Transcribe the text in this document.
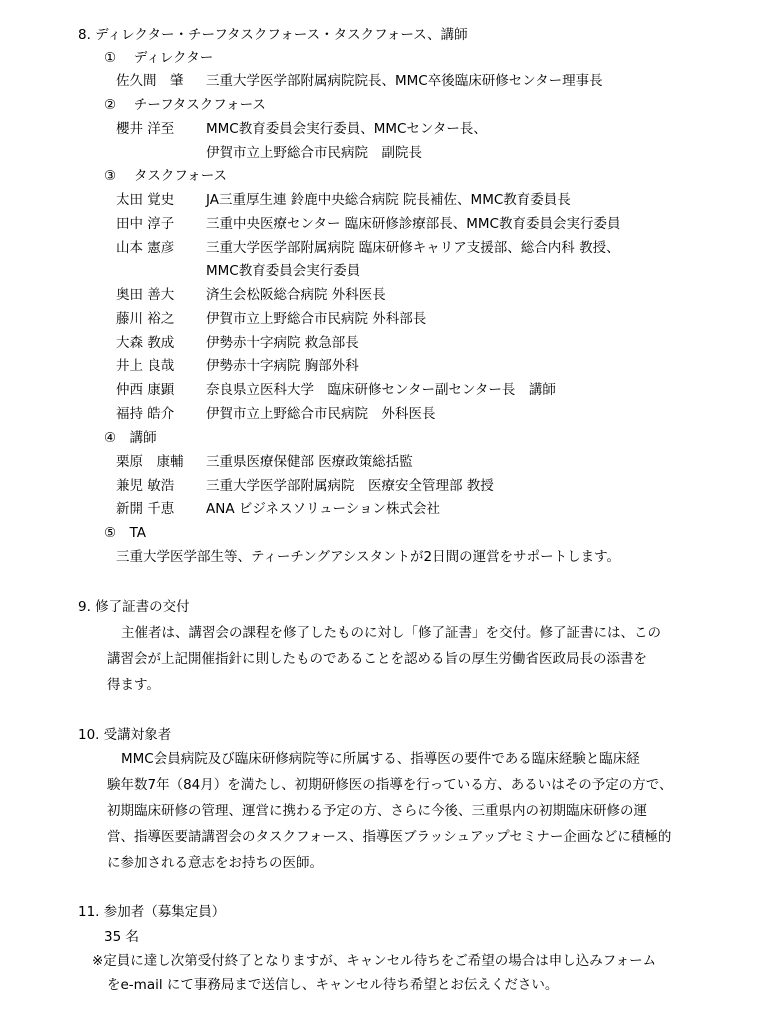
8. ディレクター・チーフタスクフォース・タスクフォース、講師
①　 ディレクター
佐久間　肇 三重大学医学部附属病院院長、MMC卒後臨床研修センター理事長
②　 チーフタスクフォース
櫻井 洋至 MMC教育委員会実行委員、MMCセンター長、
伊賀市立上野総合市民病院　副院長
③　 タスクフォース
太田 覚史 JA三重厚生連 鈴鹿中央総合病院 院長補佐、MMC教育委員長
田中 淳子 三重中央医療センター 臨床研修診療部長、MMC教育委員会実行委員
山本 憲彦 三重大学医学部附属病院 臨床研修キャリア支援部、総合内科 教授、
MMC教育委員会実行委員
奥田 善大 済生会松阪総合病院 外科医長
藤川 裕之 伊賀市立上野総合市民病院 外科部長
大森 教成 伊勢赤十字病院 救急部長
井上 良哉 伊勢赤十字病院 胸部外科
仲西 康顕 奈良県立医科大学　臨床研修センター副センター長　講師
福持 皓介 伊賀市立上野総合市民病院　外科医長
④　講師
栗原　康輔 三重県医療保健部 医療政策総括監
兼児 敏浩 三重大学医学部附属病院　医療安全管理部 教授
新開 千恵 ANA ビジネスソリューション株式会社
⑤　TA
三重大学医学部生等、ティーチングアシスタントが2日間の運営をサポートします。
9. 修了証書の交付
主催者は、講習会の課程を修了したものに対し「修了証書」を交付。修了証書には、この
講習会が上記開催指針に則したものであることを認める旨の厚生労働省医政局長の添書を
得ます。
10. 受講対象者
MMC会員病院及び臨床研修病院等に所属する、指導医の要件である臨床経験と臨床経
験年数7年（84月）を満たし、初期研修医の指導を行っている方、あるいはその予定の方で、
初期臨床研修の管理、運営に携わる予定の方、さらに今後、三重県内の初期臨床研修の運
営、指導医要請講習会のタスクフォース、指導医ブラッシュアップセミナー企画などに積極的
に参加される意志をお持ちの医師。
11. 参加者（募集定員）
35 名
※定員に達し次第受付終了となりますが、キャンセル待ちをご希望の場合は申し込みフォーム
をe-mail にて事務局まで送信し、キャンセル待ち希望とお伝えください。
